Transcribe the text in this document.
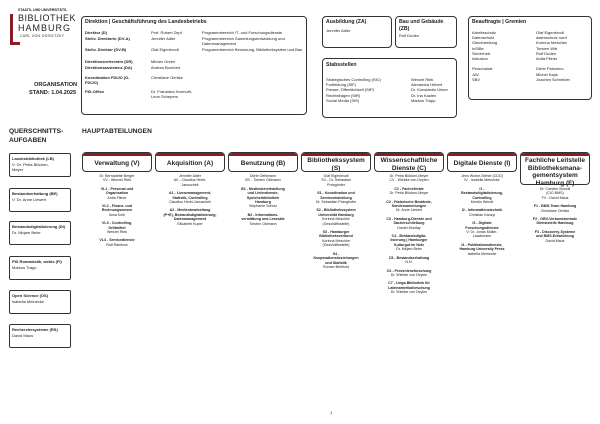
STAATS- UND UNIVERSITÄTS-
BIBLIOTHEK
HAMBURG
CARL VON OSSIETZKY
ORGANISATION
STAND: 1.04.2025
Direktion | Geschäftsführung des Landesbetriebs
Direktor (D)	Prof. Robert Zepf	Programmbereich IT- und Forschungsdienste
Stellv. Direktorin (DV-A)	Jennifer Adler	Programmbereich Sammlungsentwicklung und Datenmanagement
Stellv. Direktor (DV-B)	Olaf Eigenbrodt	Programmbereich Benutzung, Bibliotheksystem und Bau
Direktionsreferentin (DR)	Miriam Green
Direktionsassistenz (DA)	Andrea Burchert
Koordination FDIJO (D-FDIJO)
Christiane Oehlke
FID-Office	Dr. Franziska Hormuth, Leon Schepers
Ausbildung (ZA)
Jennifer Adler
Bau und Gebäude (ZB)
Rolf Duden
Beauftragte | Gremien
Arbeitsschutz	Olaf Eigenbrodt
Datenschutz	datenschutz nord
Gleichstellung	Korinna Meschke
InSiBe	Torsten Witt
Sicherheit	Rolf Duden
Inklusion	Anita Flitner
Personalrat	Dörte Palomino
JAV	Michel Kaps
SBV	Joachim Schneider
Stabsstellen
Strategisches Controlling (StC)	Wenzel Riek
Fortbildung (StF)	Alexandra Hebert
Presse, Öffentlichkeit (StP)	Dr. Konstantin Ulmer
Rechtsfragen (StR)	Dr. Ina Kaulen
Social Media (StS)	Markus Trapp
QUERSCHNITTS-AUFGABEN
Landesbibliothek (LB)
V: Dr. Petra Blödorn-
Meyer
Bestandserhaltung (BE)
V: Dr. Anne Liewert
Bestandsdigitalisierung (DI)
Dr. Mirjam Beier
FID Romanistik, webis (FI)
Markus Trapp
Open Science (OS)
Isabella Meinecke
Recherchesysteme (RS)
David Maus
HAUPTABTEILUNGEN
Verwaltung (V)
Dr. Bernadette Berger
VV - Wenzel Riek
VL1 - Personal und
Organisation
Anita Flitner
VL2 - Finanz- und
Rechnungswesen
Ilona Kohl
VL3 - Controlling,
Drittmittel
Wenzel Riek
VL4 - Servicedienste
Ralf Rambow
Akquisition (A)
Jennifer Adler
AV - Claudius Herkt-
Januschek
A1 - Lizenzmanagement,
Statistik, Controlling
Claudius Herkt-Januschek
A2 - Medienbearbeitung
(P+E), Bestandsdigitalisierung,
Datenmanagement
Elisabeth Kuper
Benutzung (B)
Dörte Oehlmann
BV - Torsten Oktmann
B1 - Medienbereitstellung
und Lieferdienste,
Speicherbibliothek
Hamburg
Stephanie Schulz
B2 - Informations-
vermittlung und Lesesäle
Torsten Oktmann
Bibliothekssystem
(S)
Olaf Eigenbrodt
SV - Dr. Sebastian
Pranghofer
S1 - Koordination und
Servicentwicklung
Dr. Sebastian Pranghofer
S2 - Bibliothekssystem
Universität Hamburg
Korinna Meschke
(Geschäftsstelle)
S3 - Hamburger
Bibliotheksverbund
Korinna Meschke
(Geschäftsstelle)
S4 -
Kooperationsbeziehungen
und Statistik
Roman Berthold
Wissenschaftliche
Dienste (C)
Dr. Petra Blödorn-Meyer
CV - Wiebke von Deylen
C1 - Fachreferate
Dr. Petra Blödorn-Meyer
C2 - Historische Bestände,
Sondersammlungen
Dr. Anne Liewert
C3 - Hamburg-Dienste und
Sacherschließung
Daniel Murday
C4 - Bestandsdigita-
lisierung | Hamburger
Kulturgut im Netz
Dr. Mirjam Beier
C5 - Bestandserhaltung
N.N.
C6 - Provenienzforschung
Dr. Wiebke von Deylen
C7 - Linga-Bibliothek für
Lateinamerikaforschung
Dr. Wiebke von Deylen
Digitale Dienste (I)
Jens Worke-Stehle (CDO)
IV - Isabella Meinecke
I1 -
Bestandsdigitalisierung,
Controlling
Kerstin Wendt
I2 - Informationstechnik
Christian Kanzyi
I3 - Digitale
Forschungsdienste
V: Dr. Jonas Müller-
Laackmann
I4 - Publikationsdienste,
Hamburg University Press
Isabella Meinecke
Fachliche Leitstelle
Bibliotheksmana-
gementsystem
Hamburg (F)
Dr. Carsten Schwill
(CIO BMS)
FV - David Maus
F1 - BMS-Team Hamburg
Christiane Oehlke
F2 - GBV-Verbundzentrale
Dienststelle Hamburg
F3 - Discovery-Systeme
und BMS-Entwicklung
David Maus
1
